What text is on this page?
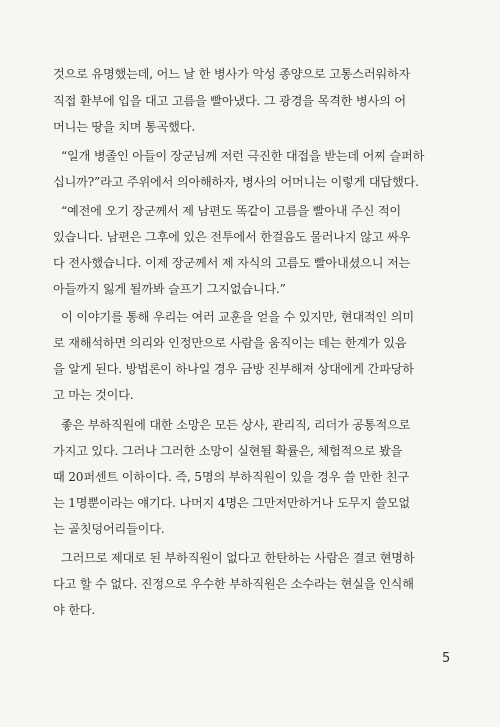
것으로 유명했는데, 어느 날 한 병사가 악성 종양으로 고통스러워하자
직접 환부에 입을 대고 고름을 빨아냈다. 그 광경을 목격한 병사의 어
머니는 땅을 치며 통곡했다.
“일개 병졸인 아들이 장군님께 저런 극진한 대접을 받는데 어찌 슬퍼하
십니까?”라고 주위에서 의아해하자, 병사의 어머니는 이렇게 대답했다.
“예전에 오기 장군께서 제 남편도 똑같이 고름을 빨아내 주신 적이
있습니다. 남편은 그후에 있은 전투에서 한걸음도 물러나지 않고 싸우
다 전사했습니다. 이제 장군께서 제 자식의 고름도 빨아내셨으니 저는
아들까지 잃게 될까봐 슬프기 그지없습니다.”
이 이야기를 통해 우리는 여러 교훈을 얻을 수 있지만, 현대적인 의미
로 재해석하면 의리와 인정만으로 사람을 움직이는 데는 한계가 있음
을 알게 된다. 방법론이 하나일 경우 금방 진부해져 상대에게 간파당하
고 마는 것이다.
좋은 부하직원에 대한 소망은 모든 상사, 관리직, 리더가 공통적으로
가지고 있다. 그러나 그러한 소망이 실현될 확률은, 체험적으로 봤을
때 20퍼센트 이하이다. 즉, 5명의 부하직원이 있을 경우 쓸 만한 친구
는 1명뿐이라는 얘기다. 나머지 4명은 그만저만하거나 도무지 쓸모없
는 골칫덩어리들이다.
그러므로 제대로 된 부하직원이 없다고 한탄하는 사람은 결코 현명하
다고 할 수 없다. 진정으로 우수한 부하직원은 소수라는 현실을 인식해
야 한다.
5
